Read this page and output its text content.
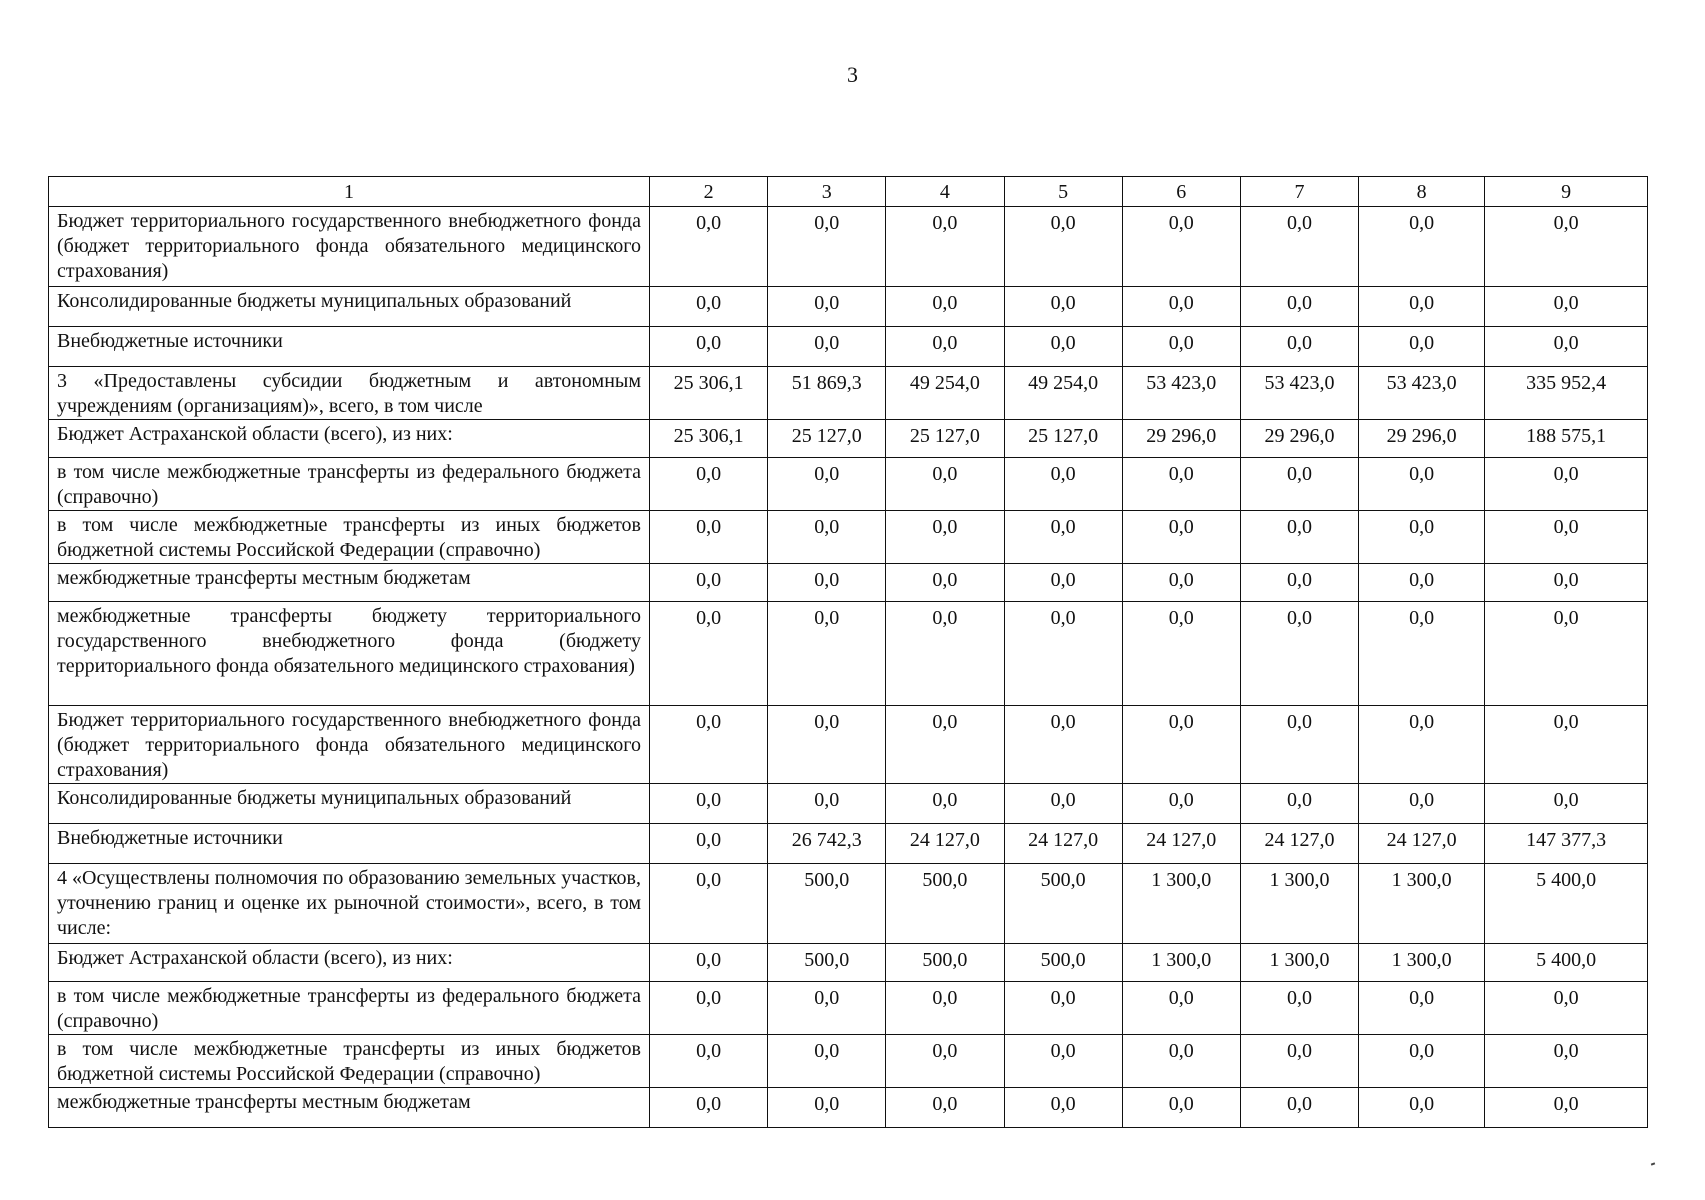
3
1	2	3	4	5	6	7	8	9
Бюджет территориального государственного внебюджетного фонда (бюджет территориального фонда обязательного медицинского страхования)	0,0	0,0	0,0	0,0	0,0	0,0	0,0	0,0
Консолидированные бюджеты муниципальных образований	0,0	0,0	0,0	0,0	0,0	0,0	0,0	0,0
Внебюджетные источники	0,0	0,0	0,0	0,0	0,0	0,0	0,0	0,0
3 «Предоставлены субсидии бюджетным и автономным учреждениям (организациям)», всего, в том числе	25 306,1	51 869,3	49 254,0	49 254,0	53 423,0	53 423,0	53 423,0	335 952,4
Бюджет Астраханской области (всего), из них:	25 306,1	25 127,0	25 127,0	25 127,0	29 296,0	29 296,0	29 296,0	188 575,1
в том числе межбюджетные трансферты из федерального бюджета (справочно)	0,0	0,0	0,0	0,0	0,0	0,0	0,0	0,0
в том числе межбюджетные трансферты из иных бюджетов бюджетной системы Российской Федерации (справочно)	0,0	0,0	0,0	0,0	0,0	0,0	0,0	0,0
межбюджетные трансферты местным бюджетам	0,0	0,0	0,0	0,0	0,0	0,0	0,0	0,0
межбюджетные трансферты бюджету территориального государственного внебюджетного фонда (бюджету территориального фонда обязательного медицинского страхования)	0,0	0,0	0,0	0,0	0,0	0,0	0,0	0,0
Бюджет территориального государственного внебюджетного фонда (бюджет территориального фонда обязательного медицинского страхования)	0,0	0,0	0,0	0,0	0,0	0,0	0,0	0,0
Консолидированные бюджеты муниципальных образований	0,0	0,0	0,0	0,0	0,0	0,0	0,0	0,0
Внебюджетные источники	0,0	26 742,3	24 127,0	24 127,0	24 127,0	24 127,0	24 127,0	147 377,3
4 «Осуществлены полномочия по образованию земельных участков, уточнению границ и оценке их рыночной стоимости», всего, в том числе:	0,0	500,0	500,0	500,0	1 300,0	1 300,0	1 300,0	5 400,0
Бюджет Астраханской области (всего), из них:	0,0	500,0	500,0	500,0	1 300,0	1 300,0	1 300,0	5 400,0
в том числе межбюджетные трансферты из федерального бюджета (справочно)	0,0	0,0	0,0	0,0	0,0	0,0	0,0	0,0
в том числе межбюджетные трансферты из иных бюджетов бюджетной системы Российской Федерации (справочно)	0,0	0,0	0,0	0,0	0,0	0,0	0,0	0,0
межбюджетные трансферты местным бюджетам	0,0	0,0	0,0	0,0	0,0	0,0	0,0	0,0
